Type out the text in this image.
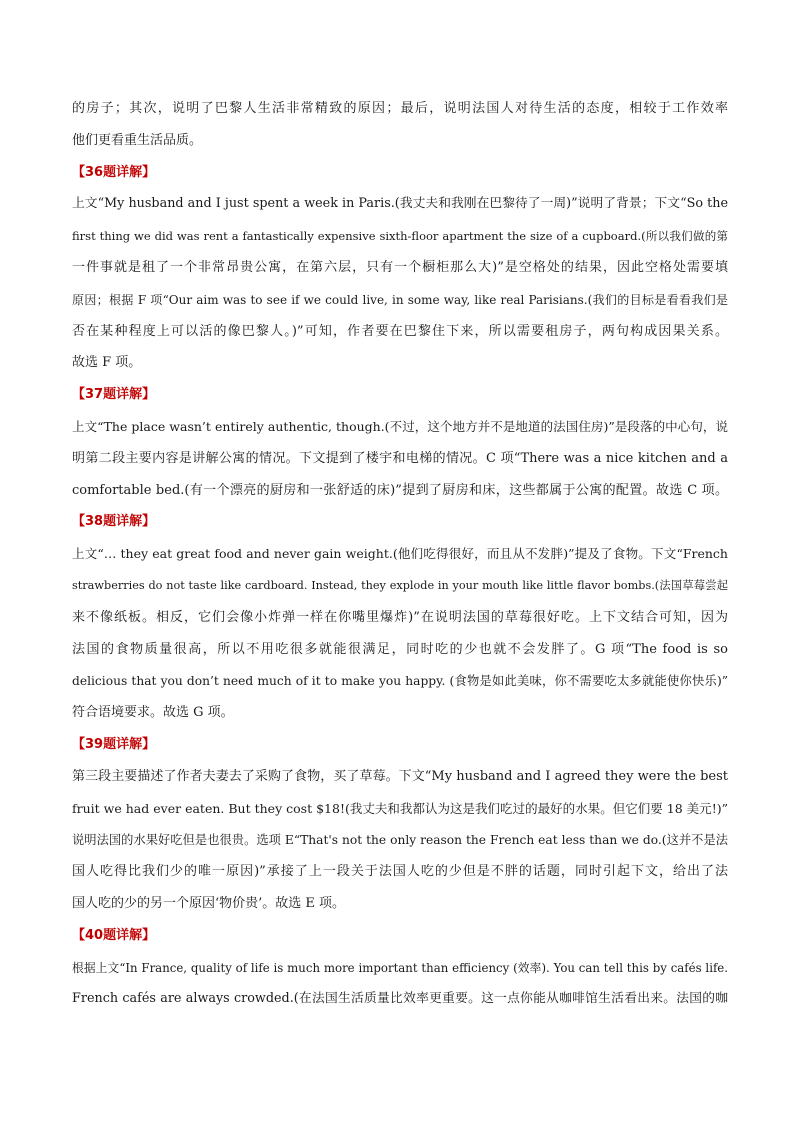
的房子；其次，说明了巴黎人生活非常精致的原因；最后，说明法国人对待生活的态度，相较于工作效率
他们更看重生活品质。
【36题详解】
上文“My husband and I just spent a week in Paris.(我丈夫和我刚在巴黎待了一周)”说明了背景；下文“So the
first thing we did was rent a fantastically expensive sixth-floor apartment the size of a cupboard.(所以我们做的第
一件事就是租了一个非常昂贵公寓，在第六层，只有一个橱柜那么大)”是空格处的结果，因此空格处需要填
原因；根据 F 项“Our aim was to see if we could live, in some way, like real Parisians.(我们的目标是看看我们是
否在某种程度上可以活的像巴黎人。)”可知，作者要在巴黎住下来，所以需要租房子，两句构成因果关系。
故选 F 项。
【37题详解】
上文“The place wasn’t entirely authentic, though.(不过，这个地方并不是地道的法国住房)”是段落的中心句，说
明第二段主要内容是讲解公寓的情况。下文提到了楼宇和电梯的情况。C 项“There was a nice kitchen and a
comfortable bed.(有一个漂亮的厨房和一张舒适的床)”提到了厨房和床，这些都属于公寓的配置。故选 C 项。
【38题详解】
上文“… they eat great food and never gain weight.(他们吃得很好，而且从不发胖)”提及了食物。下文“French
strawberries do not taste like cardboard. Instead, they explode in your mouth like little flavor bombs.(法国草莓尝起
来不像纸板。相反，它们会像小炸弹一样在你嘴里爆炸)”在说明法国的草莓很好吃。上下文结合可知，因为
法国的食物质量很高，所以不用吃很多就能很满足，同时吃的少也就不会发胖了。G 项“The food is so
delicious that you don’t need much of it to make you happy. (食物是如此美味，你不需要吃太多就能使你快乐)”
符合语境要求。故选 G 项。
【39题详解】
第三段主要描述了作者夫妻去了采购了食物，买了草莓。下文“My husband and I agreed they were the best
fruit we had ever eaten. But they cost $18!(我丈夫和我都认为这是我们吃过的最好的水果。但它们要 18 美元!)”
说明法国的水果好吃但是也很贵。选项 E“That's not the only reason the French eat less than we do.(这并不是法
国人吃得比我们少的唯一原因)”承接了上一段关于法国人吃的少但是不胖的话题，同时引起下文，给出了法
国人吃的少的另一个原因‘物价贵’。故选 E 项。
【40题详解】
根据上文“In France, quality of life is much more important than efficiency (效率). You can tell this by cafés life.
French cafés are always crowded.(在法国生活质量比效率更重要。这一点你能从咖啡馆生活看出来。法国的咖
